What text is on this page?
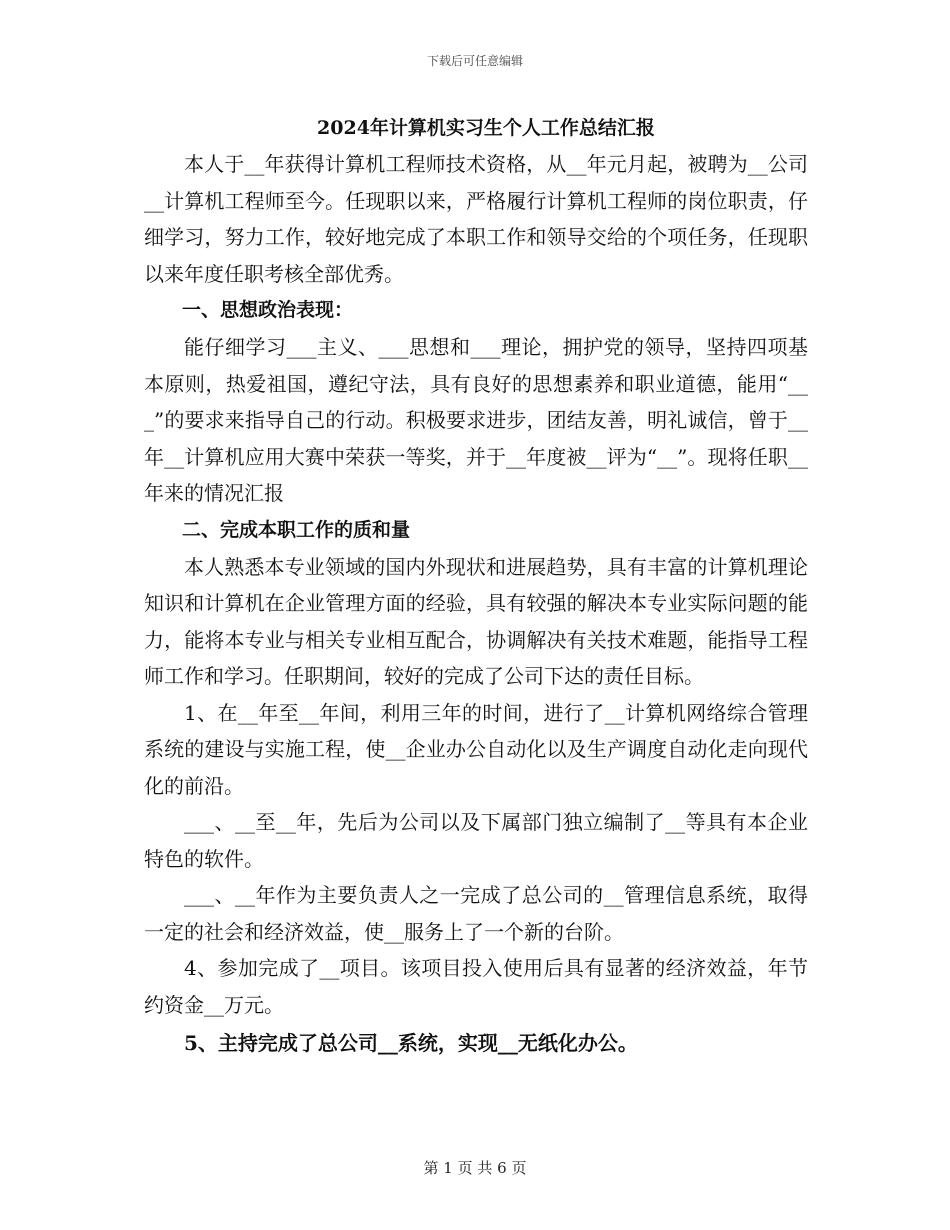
下载后可任意编辑

2024年计算机实习生个人工作总结汇报

本人于__年获得计算机工程师技术资格，从__年元月起，被聘为__公司__计算机工程师至今。任现职以来，严格履行计算机工程师的岗位职责，仔细学习，努力工作，较好地完成了本职工作和领导交给的个项任务，任现职以来年度任职考核全部优秀。

一、思想政治表现：

能仔细学习___主义、___思想和___理论，拥护党的领导，坚持四项基本原则，热爱祖国，遵纪守法，具有良好的思想素养和职业道德，能用“___”的要求来指导自己的行动。积极要求进步，团结友善，明礼诚信，曾于__年__计算机应用大赛中荣获一等奖，并于__年度被__评为“__”。现将任职__年来的情况汇报

二、完成本职工作的质和量

本人熟悉本专业领域的国内外现状和进展趋势，具有丰富的计算机理论知识和计算机在企业管理方面的经验，具有较强的解决本专业实际问题的能力，能将本专业与相关专业相互配合，协调解决有关技术难题，能指导工程师工作和学习。任职期间，较好的完成了公司下达的责任目标。

1、在__年至__年间，利用三年的时间，进行了__计算机网络综合管理系统的建设与实施工程，使__企业办公自动化以及生产调度自动化走向现代化的前沿。

___、__至__年，先后为公司以及下属部门独立编制了__等具有本企业特色的软件。

___、__年作为主要负责人之一完成了总公司的__管理信息系统，取得一定的社会和经济效益，使__服务上了一个新的台阶。

4、参加完成了__项目。该项目投入使用后具有显著的经济效益，年节约资金__万元。

5、主持完成了总公司__系统，实现__无纸化办公。

第 1 页 共 6 页
